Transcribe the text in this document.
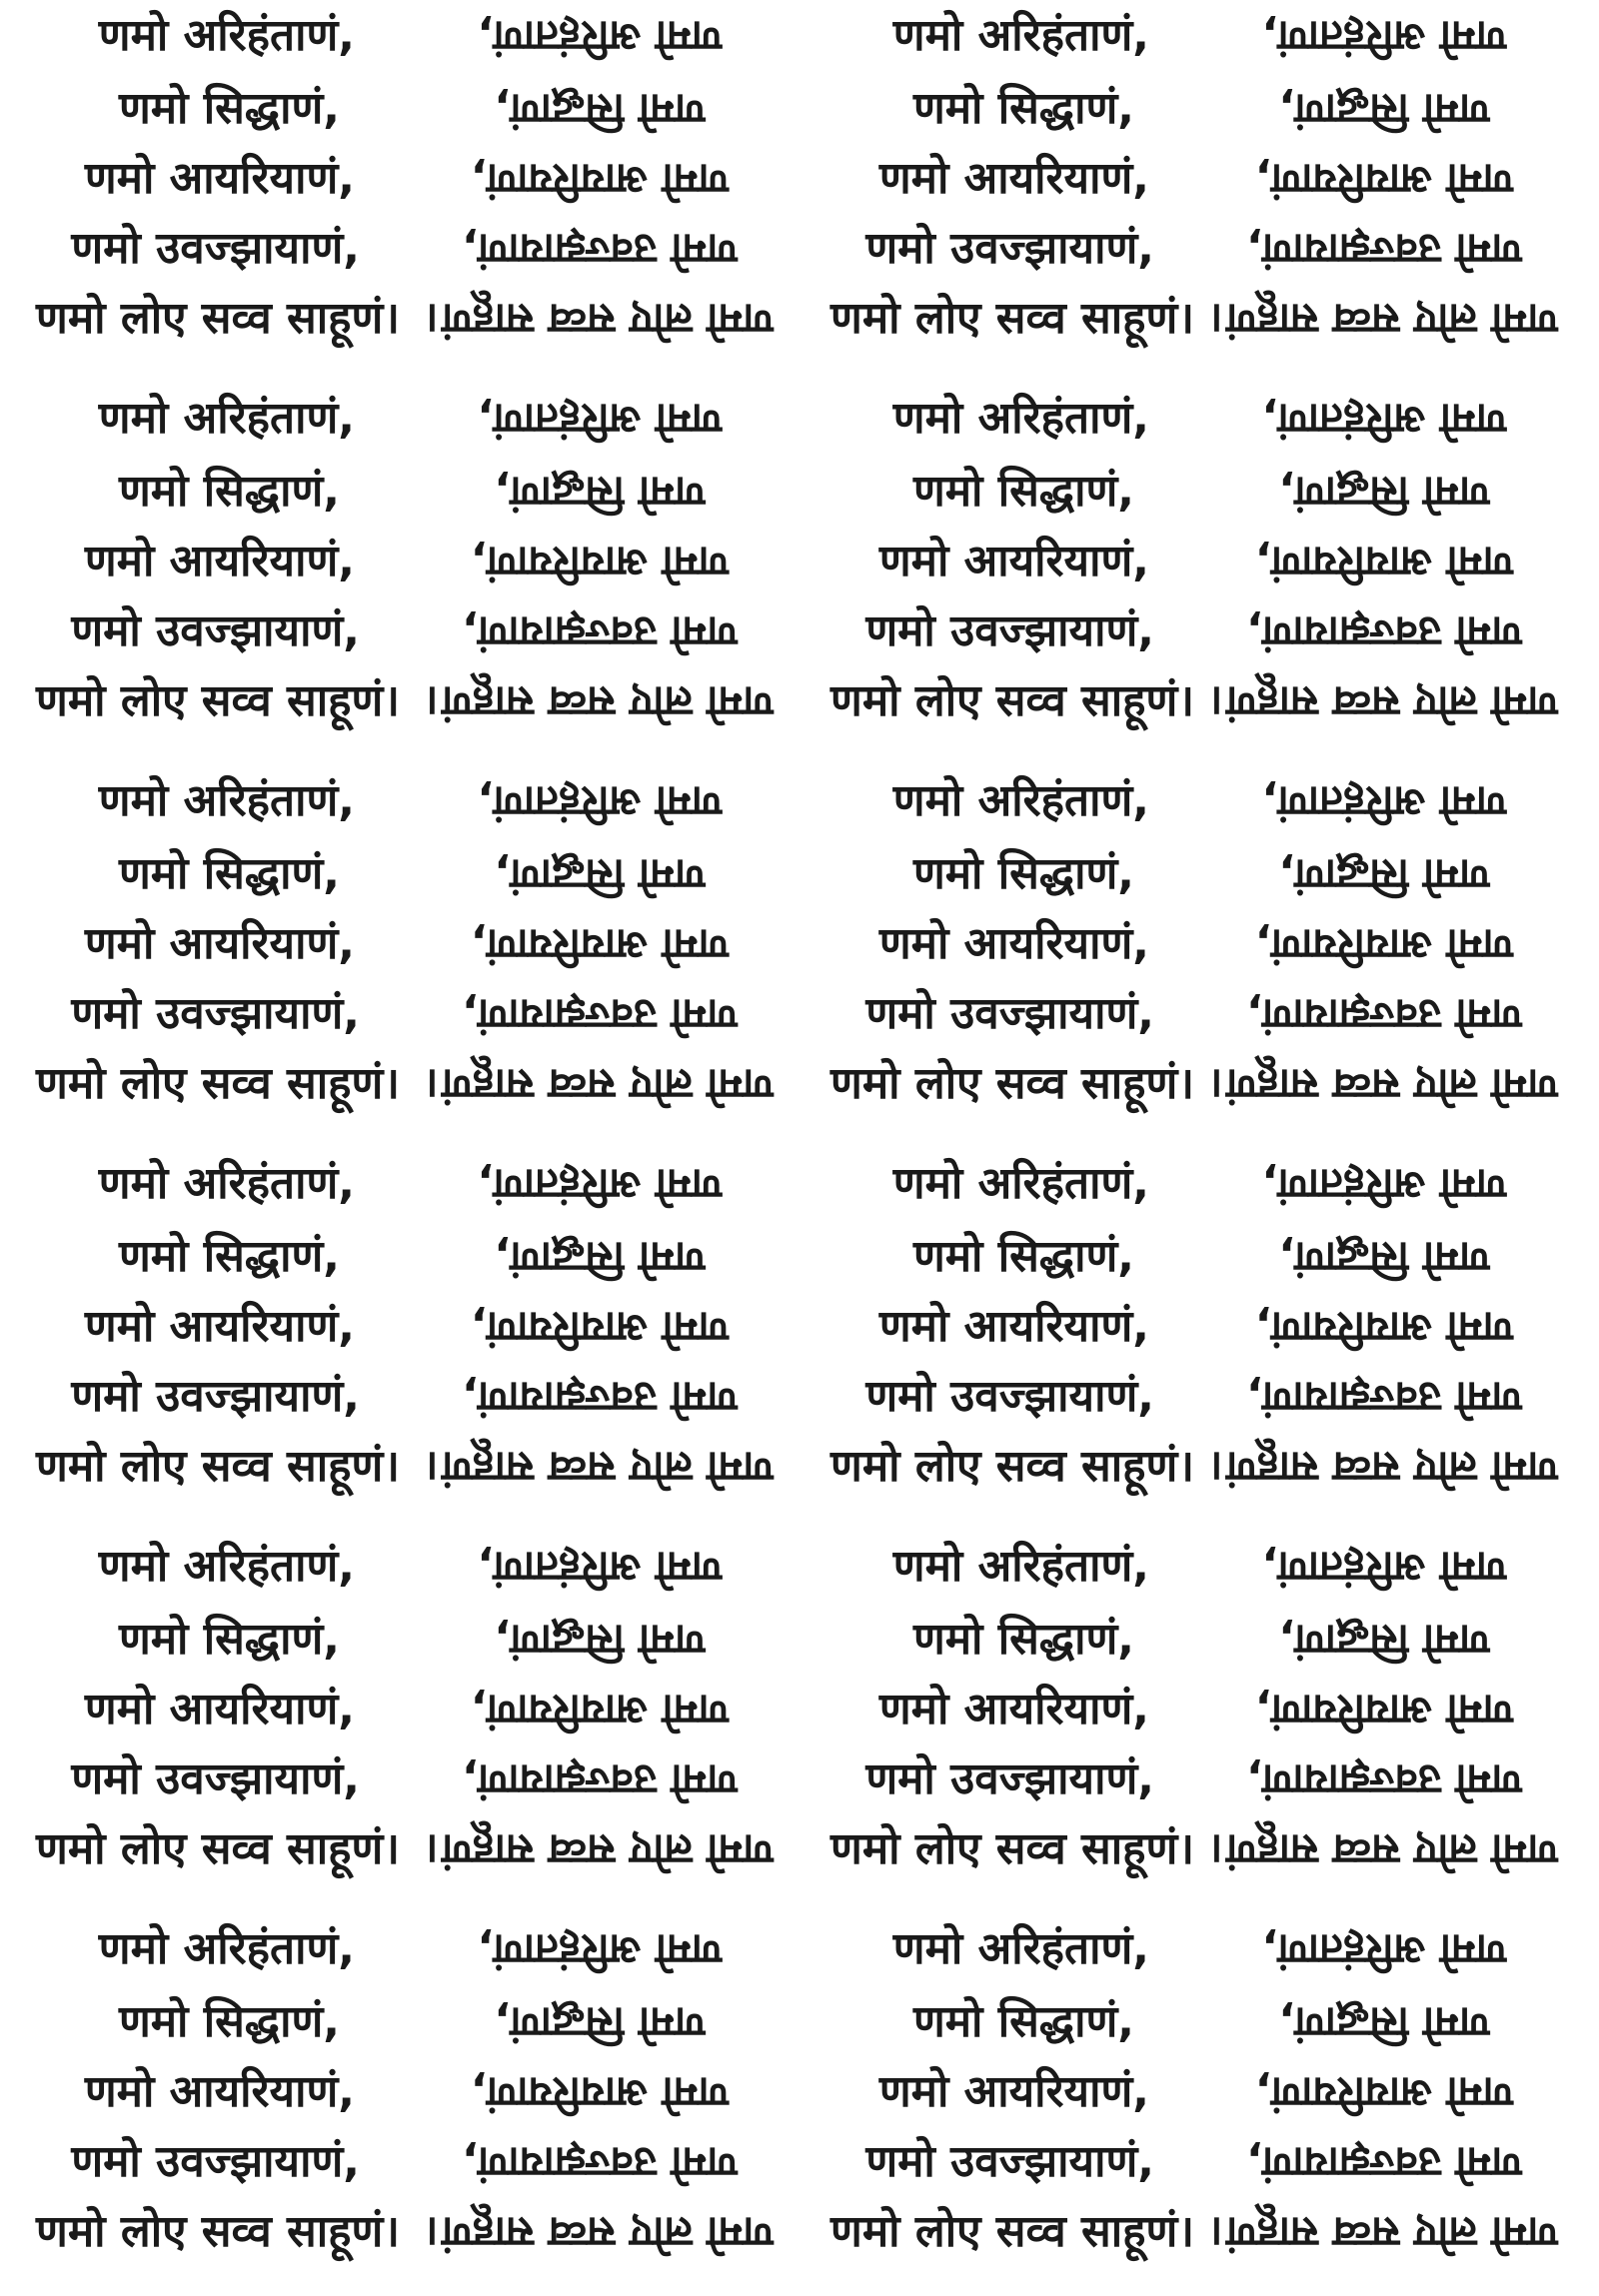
णमो अरिहंताणं,
णमो सिद्धाणं,
णमो आयरियाणं,
णमो उवज्झायाणं,
णमो लोए सव्व साहूणं।
णमो अरिहंताणं,
णमो सिद्धाणं,
णमो आयरियाणं,
णमो उवज्झायाणं,
णमो लोए सव्व साहूणं।
णमो अरिहंताणं,
णमो सिद्धाणं,
णमो आयरियाणं,
णमो उवज्झायाणं,
णमो लोए सव्व साहूणं।
णमो अरिहंताणं,
णमो सिद्धाणं,
णमो आयरियाणं,
णमो उवज्झायाणं,
णमो लोए सव्व साहूणं।
णमो अरिहंताणं,
णमो सिद्धाणं,
णमो आयरियाणं,
णमो उवज्झायाणं,
णमो लोए सव्व साहूणं।
णमो अरिहंताणं,
णमो सिद्धाणं,
णमो आयरियाणं,
णमो उवज्झायाणं,
णमो लोए सव्व साहूणं।
णमो अरिहंताणं,
णमो सिद्धाणं,
णमो आयरियाणं,
णमो उवज्झायाणं,
णमो लोए सव्व साहूणं।
णमो अरिहंताणं,
णमो सिद्धाणं,
णमो आयरियाणं,
णमो उवज्झायाणं,
णमो लोए सव्व साहूणं।
णमो अरिहंताणं,
णमो सिद्धाणं,
णमो आयरियाणं,
णमो उवज्झायाणं,
णमो लोए सव्व साहूणं।
णमो अरिहंताणं,
णमो सिद्धाणं,
णमो आयरियाणं,
णमो उवज्झायाणं,
णमो लोए सव्व साहूणं।
णमो अरिहंताणं,
णमो सिद्धाणं,
णमो आयरियाणं,
णमो उवज्झायाणं,
णमो लोए सव्व साहूणं।
णमो अरिहंताणं,
णमो सिद्धाणं,
णमो आयरियाणं,
णमो उवज्झायाणं,
णमो लोए सव्व साहूणं।
णमो अरिहंताणं,
णमो सिद्धाणं,
णमो आयरियाणं,
णमो उवज्झायाणं,
णमो लोए सव्व साहूणं।
णमो अरिहंताणं,
णमो सिद्धाणं,
णमो आयरियाणं,
णमो उवज्झायाणं,
णमो लोए सव्व साहूणं।
णमो अरिहंताणं,
णमो सिद्धाणं,
णमो आयरियाणं,
णमो उवज्झायाणं,
णमो लोए सव्व साहूणं।
णमो अरिहंताणं,
णमो सिद्धाणं,
णमो आयरियाणं,
णमो उवज्झायाणं,
णमो लोए सव्व साहूणं।
णमो अरिहंताणं,
णमो सिद्धाणं,
णमो आयरियाणं,
णमो उवज्झायाणं,
णमो लोए सव्व साहूणं।
णमो अरिहंताणं,
णमो सिद्धाणं,
णमो आयरियाणं,
णमो उवज्झायाणं,
णमो लोए सव्व साहूणं।
णमो अरिहंताणं,
णमो सिद्धाणं,
णमो आयरियाणं,
णमो उवज्झायाणं,
णमो लोए सव्व साहूणं।
णमो अरिहंताणं,
णमो सिद्धाणं,
णमो आयरियाणं,
णमो उवज्झायाणं,
णमो लोए सव्व साहूणं।
णमो अरिहंताणं,
णमो सिद्धाणं,
णमो आयरियाणं,
णमो उवज्झायाणं,
णमो लोए सव्व साहूणं।
णमो अरिहंताणं,
णमो सिद्धाणं,
णमो आयरियाणं,
णमो उवज्झायाणं,
णमो लोए सव्व साहूणं।
णमो अरिहंताणं,
णमो सिद्धाणं,
णमो आयरियाणं,
णमो उवज्झायाणं,
णमो लोए सव्व साहूणं।
णमो अरिहंताणं,
णमो सिद्धाणं,
णमो आयरियाणं,
णमो उवज्झायाणं,
णमो लोए सव्व साहूणं।
